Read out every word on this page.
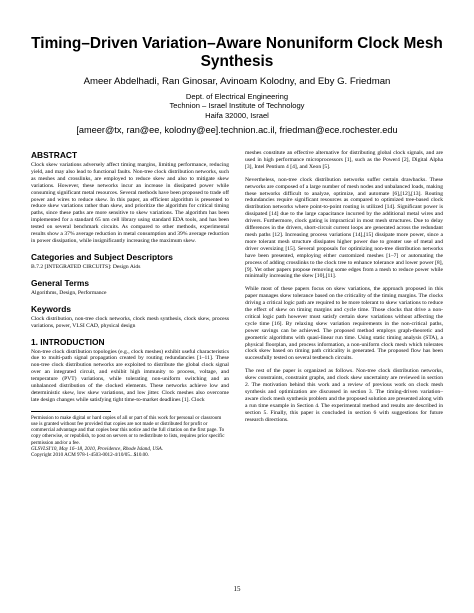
Timing–Driven Variation–Aware Nonuniform Clock Mesh Synthesis
Ameer Abdelhadi, Ran Ginosar, Avinoam Kolodny, and Eby G. Friedman
Dept. of Electrical Engineering
Technion – Israel Institute of Technology
Haifa 32000, Israel
[ameer@tx, ran@ee, kolodny@ee].technion.ac.il, friedman@ece.rochester.edu
ABSTRACT

Clock skew variations adversely affect timing margins, limiting performance, reducing yield, and may also lead to functional faults. Non-tree clock distribution networks, such as meshes and crosslinks, are employed to reduce skew and also to mitigate skew variations. However, these networks incur an increase in dissipated power while consuming significant metal resources. Several methods have been proposed to trade off power and wires to reduce skew. In this paper, an efficient algorithm is presented to reduce skew variations rather than skew, and prioritize the algorithm for critical timing paths, since these paths are more sensitive to skew variations. The algorithm has been implemented for a standard 65 nm cell library using standard EDA tools, and has been tested on several benchmark circuits. As compared to other methods, experimental results show a 37% average reduction in metal consumption and 39% average reduction in power dissipation, while insignificantly increasing the maximum skew.

Categories and Subject Descriptors

B.7.2 [INTEGRATED CIRCUITS]: Design Aids

General Terms

Algorithms, Design, Performance

Keywords

Clock distribution, non-tree clock networks, clock mesh synthesis, clock skew, process variations, power, VLSI CAD, physical design

1. INTRODUCTION

Non-tree clock distribution topologies (e.g., clock meshes) exhibit useful characteristics due to multi-path signal propagation created by routing redundancies [1–11]. These non-tree clock distribution networks are exploited to distribute the global clock signal over an integrated circuit, and exhibit high immunity to process, voltage, and temperature (PVT) variations, while tolerating non-uniform switching and an unbalanced distribution of the clocked elements. These networks achieve low and deterministic skew, low skew variations, and low jitter. Clock meshes also overcome late design changes while satisfying tight time-to-market deadlines [1]. Clock

Permission to make digital or hard copies of all or part of this work for personal or classroom use is granted without fee provided that copies are not made or distributed for profit or commercial advantage and that copies bear this notice and the full citation on the first page. To copy otherwise, or republish, to post on servers or to redistribute to lists, requires prior specific permission and/or a fee.
GLSVLSI'10, May 16–18, 2010, Providence, Rhode Island, USA.
Copyright 2010 ACM 978-1-4503-0012-4/10/05...$10.00.

meshes constitute an effective alternative for distributing global clock signals, and are used in high performance microprocessors [1], such as the Power4 [2], Digital Alpha [3], Intel Pentium 4 [4], and Xeon [5].

Nevertheless, non-tree clock distribution networks suffer certain drawbacks. These networks are composed of a large number of mesh nodes and unbalanced loads, making these networks difficult to analyze, optimize, and automate [6],[12],[13]. Routing redundancies require significant resources as compared to optimized tree-based clock distribution networks where point-to-point routing is utilized [14]. Significant power is dissipated [14] due to the large capacitance incurred by the additional metal wires and drivers. Furthermore, clock gating is impractical in most mesh structures. Due to delay differences in the drivers, short-circuit current loops are generated across the redundant mesh paths [12]. Increasing process variations [14],[15] dissipate more power, since a more tolerant mesh structure dissipates higher power due to greater use of metal and driver oversizing [15]. Several proposals for optimizing non-tree distribution networks have been presented, employing either customized meshes [1–7] or automating the process of adding crosslinks to the clock tree to enhance tolerance and lower power [8],[9]. Yet other papers propose removing some edges from a mesh to reduce power while minimally increasing the skew [10],[11].

While most of these papers focus on skew variations, the approach proposed in this paper manages skew tolerance based on the criticality of the timing margins. The clocks driving a critical logic path are required to be more tolerant to skew variations to reduce the effect of skew on timing margins and cycle time. Those clocks that drive a non-critical logic path however must satisfy certain skew variations without affecting the cycle time [16]. By relaxing skew variation requirements in the non-critical paths, power savings can be achieved. The proposed method employs graph-theoretic and geometric algorithms with quasi-linear run time. Using static timing analysis (STA), a physical floorplan, and process information, a non-uniform clock mesh which tolerates clock skew based on timing path criticality is generated. The proposed flow has been successfully tested on several testbench circuits.

The rest of the paper is organized as follows. Non-tree clock distribution networks, skew constraints, constraint graphs, and clock skew uncertainty are reviewed in section 2. The motivation behind this work and a review of previous work on clock mesh synthesis and optimization are discussed in section 3. The timing-driven variation–aware clock mesh synthesis problem and the proposed solution are presented along with a run time example in Section 4. The experimental method and results are described in section 5. Finally, this paper is concluded in section 6 with suggestions for future research directions.

15
